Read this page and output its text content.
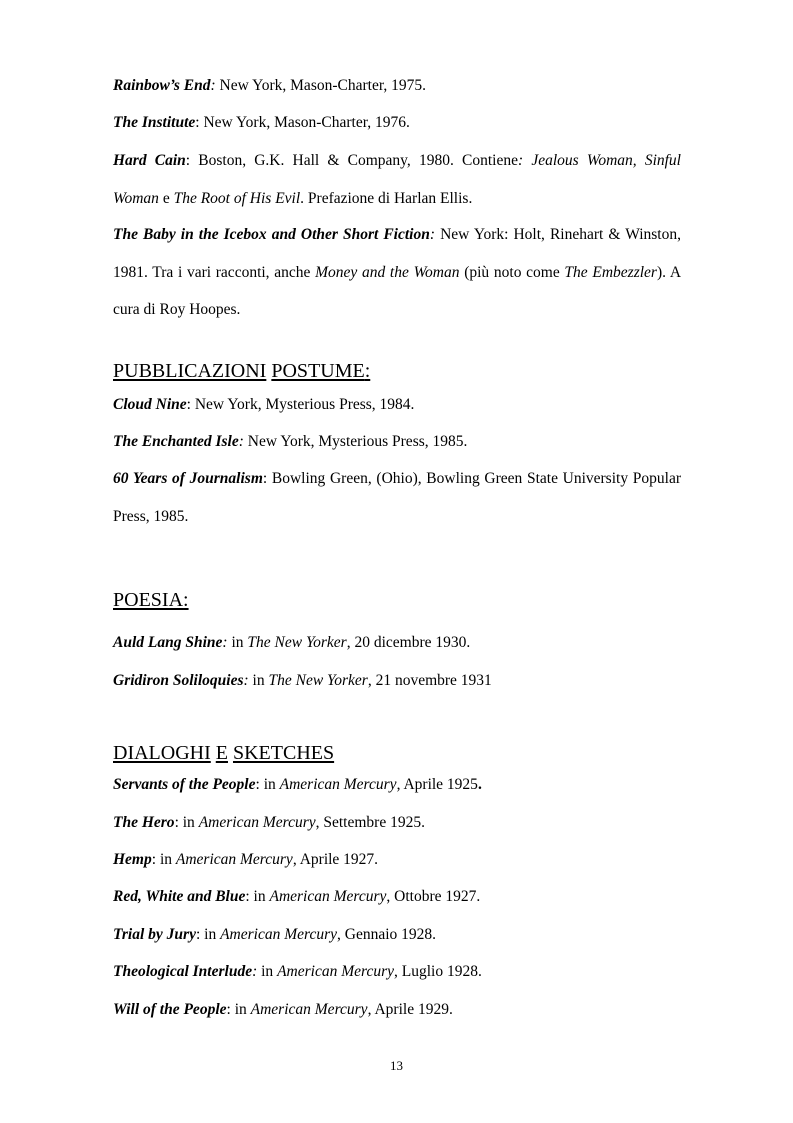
Rainbow’s End: New York, Mason-Charter, 1975.

The Institute: New York, Mason-Charter, 1976.

Hard Cain: Boston, G.K. Hall & Company, 1980. Contiene: Jealous Woman, Sinful Woman e The Root of His Evil. Prefazione di Harlan Ellis.

The Baby in the Icebox and Other Short Fiction: New York: Holt, Rinehart & Winston, 1981. Tra i vari racconti, anche Money and the Woman (più noto come The Embezzler). A cura di Roy Hoopes.

PUBBLICAZIONI POSTUME:

Cloud Nine: New York, Mysterious Press, 1984.

The Enchanted Isle: New York, Mysterious Press, 1985.

60 Years of Journalism: Bowling Green, (Ohio), Bowling Green State University Popular Press, 1985.

POESIA:

Auld Lang Shine: in The New Yorker, 20 dicembre 1930.

Gridiron Soliloquies: in The New Yorker, 21 novembre 1931

DIALOGHI E SKETCHES

Servants of the People: in American Mercury, Aprile 1925.

The Hero: in American Mercury, Settembre 1925.

Hemp: in American Mercury, Aprile 1927.

Red, White and Blue: in American Mercury, Ottobre 1927.

Trial by Jury: in American Mercury, Gennaio 1928.

Theological Interlude: in American Mercury, Luglio 1928.

Will of the People: in American Mercury, Aprile 1929.

13
